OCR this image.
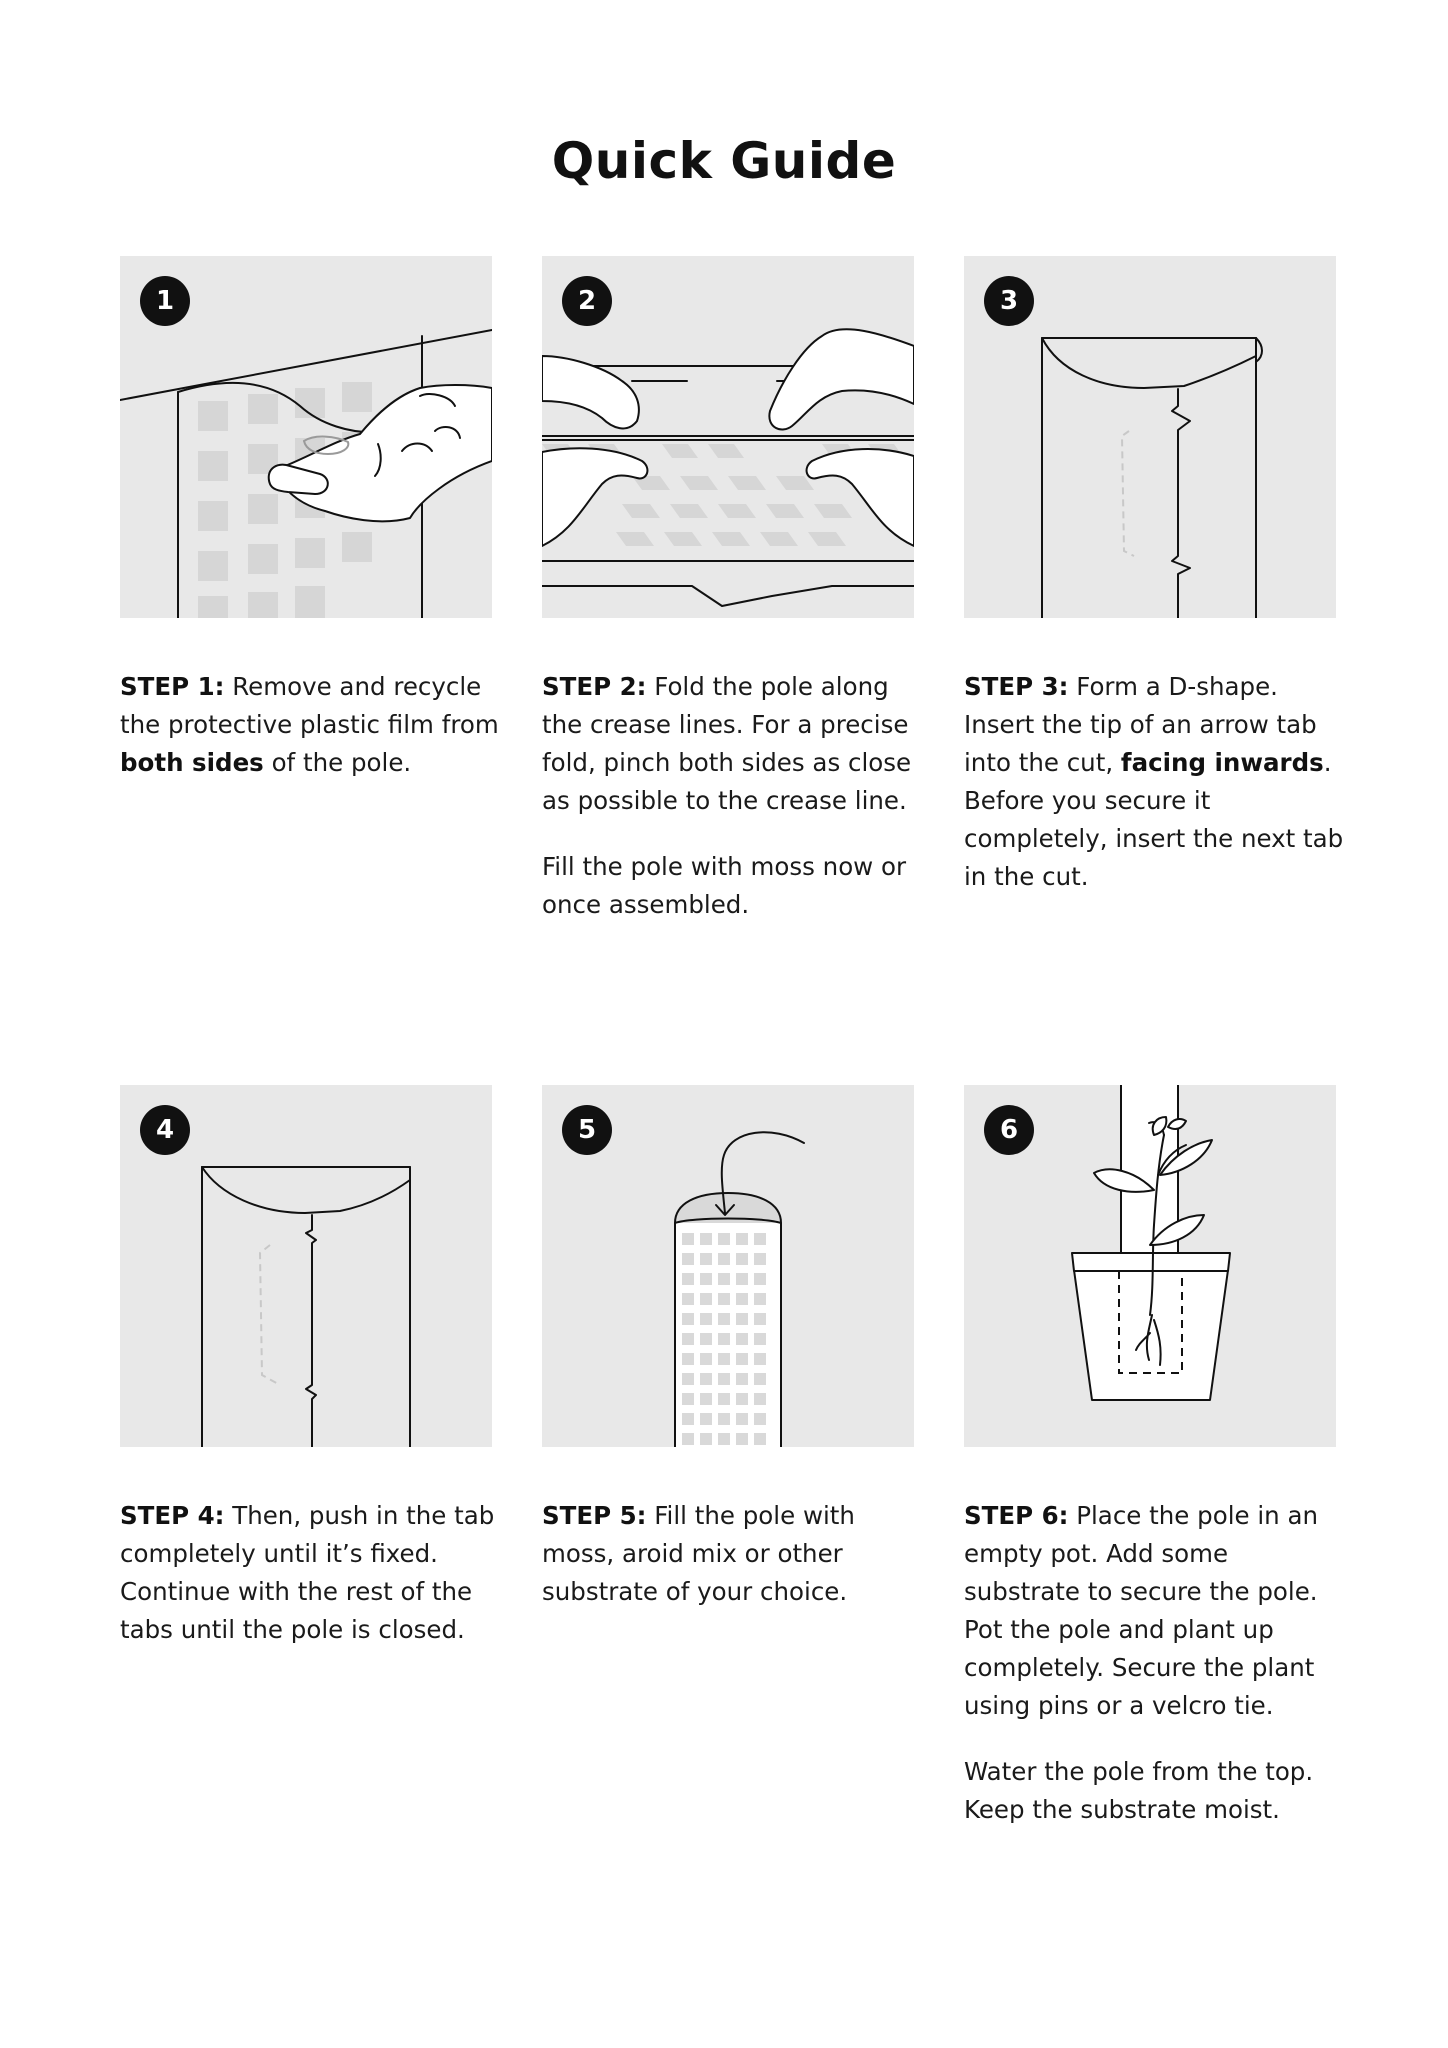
Quick Guide
1	2	3
4	5	6

STEP 1: Remove and recycle the protective plastic film from both sides of the pole.

STEP 2: Fold the pole along the crease lines. For a precise fold, pinch both sides as close as possible to the crease line.

Fill the pole with moss now or once assembled.

STEP 3: Form a D-shape. Insert the tip of an arrow tab into the cut, facing inwards. Before you secure it completely, insert the next tab in the cut.

STEP 4: Then, push in the tab completely until it’s fixed. Continue with the rest of the tabs until the pole is closed.

STEP 5: Fill the pole with moss, aroid mix or other substrate of your choice.

STEP 6: Place the pole in an empty pot. Add some substrate to secure the pole. Pot the pole and plant up completely. Secure the plant using pins or a velcro tie.

Water the pole from the top. Keep the substrate moist.
